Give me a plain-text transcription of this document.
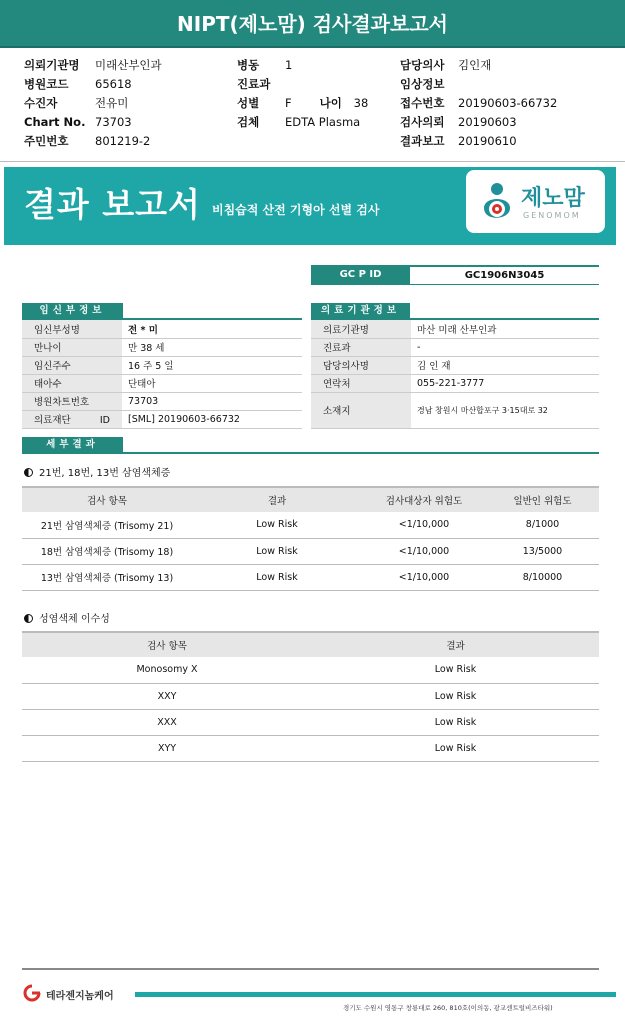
NIPT(제노맘) 검사결과보고서
의뢰기관명 미래산부인과
병원코드 65618
수진자	전유미
Chart No. 73703
주민번호 801219-2
병동 1
진료과
성별 F 나이 38
검체 EDTA Plasma
담당의사 김인재
임상정보
접수번호 20190603-66732
검사의뢰 20190603
결과보고 20190610
결과 보고서 비침습적 산전 기형아 선별 검사	제노맘
GENOMOM
GC P ID	GC1906N3045
임신부정보
임신부성명	전 * 미
만나이	만 38 세
임신주수	16 주 5 일
태아수	단태아
병원차트번호	73703
의료재단 ID	[SML] 20190603-66732
의료기관정보
의료기관명	마산 미래 산부인과
진료과	-
담당의사명	김 인 재
연락처	055-221-3777
소재지	경남 창원시 마산합포구 3·15대로 32
세부결과
21번, 18번, 13번 삼염색체증
검사 항목	결과	검사대상자 위험도	일반인 위험도
21번 삼염색체증 (Trisomy 21)	Low Risk	<1/10,000	8/1000
18번 삼염색체증 (Trisomy 18)	Low Risk	<1/10,000	13/5000
13번 삼염색체증 (Trisomy 13)	Low Risk	<1/10,000	8/10000
성염색체 이수성
검사 항목	결과
Monosomy X	Low Risk
XXY	Low Risk
XXX	Low Risk
XYY	Low Risk
테라젠지놈케어
경기도 수원시 영통구 창룡대로 260, 810호(이의동, 광교센트럴비즈타워)
